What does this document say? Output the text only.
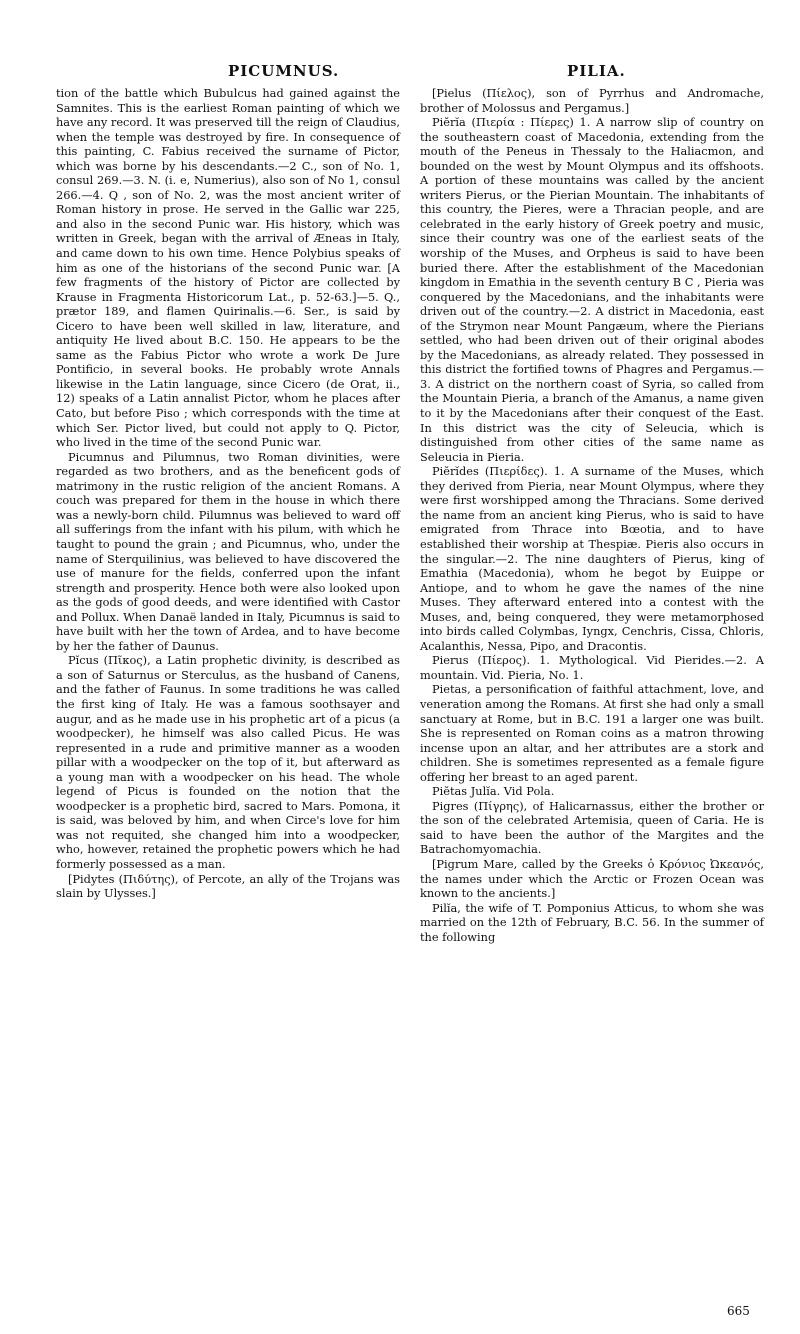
PICUMNUS.	PILIA.

tion of the battle which Bubulcus had gained against the Samnites. This is the earliest Roman painting of which we have any record. It was preserved till the reign of Claudius, when the temple was destroyed by fire. In consequence of this painting, C. Fabius received the surname of Pictor, which was borne by his descendants.—2 C., son of No. 1, consul 269.—3. N. (i. e, Numerius), also son of No 1, consul 266.—4. Q , son of No. 2, was the most ancient writer of Roman history in prose. He served in the Gallic war 225, and also in the second Punic war. His history, which was written in Greek, began with the arrival of Æneas in Italy, and came down to his own time. Hence Polybius speaks of him as one of the historians of the second Punic war. [A few fragments of the history of Pictor are collected by Krause in Fragmenta Historicorum Lat., p. 52-63.]—5. Q., prætor 189, and flamen Quirinalis.—6. Ser., is said by Cicero to have been well skilled in law, literature, and antiquity He lived about B.C. 150. He appears to be the same as the Fabius Pictor who wrote a work De Jure Pontificio, in several books. He probably wrote Annals likewise in the Latin language, since Cicero (de Orat, ii., 12) speaks of a Latin annalist Pictor, whom he places after Cato, but before Piso ; which corresponds with the time at which Ser. Pictor lived, but could not apply to Q. Pictor, who lived in the time of the second Punic war.

Picumnus and Pilumnus, two Roman divinities, were regarded as two brothers, and as the beneficent gods of matrimony in the rustic religion of the ancient Romans. A couch was prepared for them in the house in which there was a newly-born child. Pilumnus was believed to ward off all sufferings from the infant with his pilum, with which he taught to pound the grain ; and Picumnus, who, under the name of Sterquilinius, was believed to have discovered the use of manure for the fields, conferred upon the infant strength and prosperity. Hence both were also looked upon as the gods of good deeds, and were identified with Castor and Pollux. When Danaë landed in Italy, Picumnus is said to have built with her the town of Ardea, and to have become by her the father of Daunus.

Pĭcus (Πῖκος), a Latin prophetic divinity, is described as a son of Saturnus or Sterculus, as the husband of Canens, and the father of Faunus. In some traditions he was called the first king of Italy. He was a famous soothsayer and augur, and as he made use in his prophetic art of a picus (a woodpecker), he himself was also called Picus. He was represented in a rude and primitive manner as a wooden pillar with a woodpecker on the top of it, but afterward as a young man with a woodpecker on his head. The whole legend of Picus is founded on the notion that the woodpecker is a prophetic bird, sacred to Mars. Pomona, it is said, was beloved by him, and when Circe's love for him was not requited, she changed him into a woodpecker, who, however, retained the prophetic powers which he had formerly possessed as a man.

[Pidytes (Πιδύτης), of Percote, an ally of the Trojans was slain by Ulysses.]

[Pielus (Πίελος), son of Pyrrhus and Andromache, brother of Molossus and Pergamus.]

Piĕrĭa (Πιερία : Πίερες) 1. A narrow slip of country on the southeastern coast of Macedonia, extending from the mouth of the Peneus in Thessaly to the Haliacmon, and bounded on the west by Mount Olympus and its offshoots. A portion of these mountains was called by the ancient writers Pierus, or the Pierian Mountain. The inhabitants of this country, the Pieres, were a Thracian people, and are celebrated in the early history of Greek poetry and music, since their country was one of the earliest seats of the worship of the Muses, and Orpheus is said to have been buried there. After the establishment of the Macedonian kingdom in Emathia in the seventh century B C , Pieria was conquered by the Macedonians, and the inhabitants were driven out of the country.—2. A district in Macedonia, east of the Strymon near Mount Pangæum, where the Pierians settled, who had been driven out of their original abodes by the Macedonians, as already related. They possessed in this district the fortified towns of Phagres and Pergamus.—3. A district on the northern coast of Syria, so called from the Mountain Pieria, a branch of the Amanus, a name given to it by the Macedonians after their conquest of the East. In this district was the city of Seleucia, which is distinguished from other cities of the same name as Seleucia in Pieria.

Piĕrĭdes (Πιερίδες). 1. A surname of the Muses, which they derived from Pieria, near Mount Olympus, where they were first worshipped among the Thracians. Some derived the name from an ancient king Pierus, who is said to have emigrated from Thrace into Bœotia, and to have established their worship at Thespiæ. Pieris also occurs in the singular.—2. The nine daughters of Pierus, king of Emathia (Macedonia), whom he begot by Euippe or Antiope, and to whom he gave the names of the nine Muses. They afterward entered into a contest with the Muses, and, being conquered, they were metamorphosed into birds called Colymbas, Iyngx, Cenchris, Cissa, Chloris, Acalanthis, Nessa, Pipo, and Dracontis.

Pierus (Πίερος). 1. Mythological. Vid Pierides.—2. A mountain. Vid. Pieria, No. 1.

Pietas, a personification of faithful attachment, love, and veneration among the Romans. At first she had only a small sanctuary at Rome, but in B.C. 191 a larger one was built. She is represented on Roman coins as a matron throwing incense upon an altar, and her attributes are a stork and children. She is sometimes represented as a female figure offering her breast to an aged parent.

Piĕtas Julĭa. Vid Pola.

Pigres (Πίγρης), of Halicarnassus, either the brother or the son of the celebrated Artemisia, queen of Caria. He is said to have been the author of the Margites and the Batrachomyomachia.

[Pigrum Mare, called by the Greeks ὁ Κρόνιος Ὠκεανός, the names under which the Arctic or Frozen Ocean was known to the ancients.]

Pilĭa, the wife of T. Pomponius Atticus, to whom she was married on the 12th of February, B.C. 56. In the summer of the following

665
